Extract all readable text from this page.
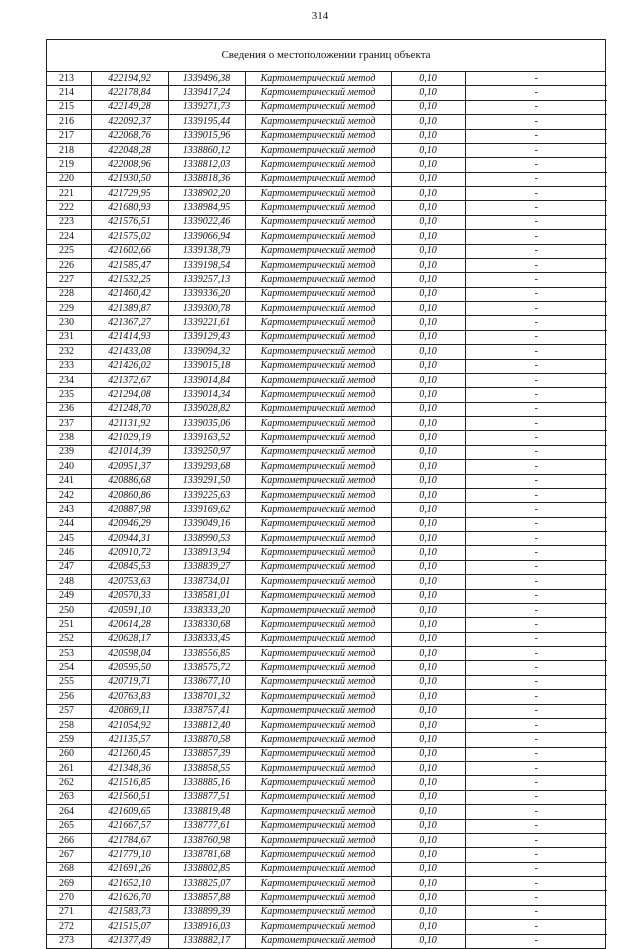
314
Сведения о местоположении границ объекта
213	422194,92	1339496,38	Картометрический метод	0,10	-
214	422178,84	1339417,24	Картометрический метод	0,10	-
215	422149,28	1339271,73	Картометрический метод	0,10	-
216	422092,37	1339195,44	Картометрический метод	0,10	-
217	422068,76	1339015,96	Картометрический метод	0,10	-
218	422048,28	1338860,12	Картометрический метод	0,10	-
219	422008,96	1338812,03	Картометрический метод	0,10	-
220	421930,50	1338818,36	Картометрический метод	0,10	-
221	421729,95	1338902,20	Картометрический метод	0,10	-
222	421680,93	1338984,95	Картометрический метод	0,10	-
223	421576,51	1339022,46	Картометрический метод	0,10	-
224	421575,02	1339066,94	Картометрический метод	0,10	-
225	421602,66	1339138,79	Картометрический метод	0,10	-
226	421585,47	1339198,54	Картометрический метод	0,10	-
227	421532,25	1339257,13	Картометрический метод	0,10	-
228	421460,42	1339336,20	Картометрический метод	0,10	-
229	421389,87	1339300,78	Картометрический метод	0,10	-
230	421367,27	1339221,61	Картометрический метод	0,10	-
231	421414,93	1339129,43	Картометрический метод	0,10	-
232	421433,08	1339094,32	Картометрический метод	0,10	-
233	421426,02	1339015,18	Картометрический метод	0,10	-
234	421372,67	1339014,84	Картометрический метод	0,10	-
235	421294,08	1339014,34	Картометрический метод	0,10	-
236	421248,70	1339028,82	Картометрический метод	0,10	-
237	421131,92	1339035,06	Картометрический метод	0,10	-
238	421029,19	1339163,52	Картометрический метод	0,10	-
239	421014,39	1339250,97	Картометрический метод	0,10	-
240	420951,37	1339293,68	Картометрический метод	0,10	-
241	420886,68	1339291,50	Картометрический метод	0,10	-
242	420860,86	1339225,63	Картометрический метод	0,10	-
243	420887,98	1339169,62	Картометрический метод	0,10	-
244	420946,29	1339049,16	Картометрический метод	0,10	-
245	420944,31	1338990,53	Картометрический метод	0,10	-
246	420910,72	1338913,94	Картометрический метод	0,10	-
247	420845,53	1338839,27	Картометрический метод	0,10	-
248	420753,63	1338734,01	Картометрический метод	0,10	-
249	420570,33	1338581,01	Картометрический метод	0,10	-
250	420591,10	1338333,20	Картометрический метод	0,10	-
251	420614,28	1338330,68	Картометрический метод	0,10	-
252	420628,17	1338333,45	Картометрический метод	0,10	-
253	420598,04	1338556,85	Картометрический метод	0,10	-
254	420595,50	1338575,72	Картометрический метод	0,10	-
255	420719,71	1338677,10	Картометрический метод	0,10	-
256	420763,83	1338701,32	Картометрический метод	0,10	-
257	420869,11	1338757,41	Картометрический метод	0,10	-
258	421054,92	1338812,40	Картометрический метод	0,10	-
259	421135,57	1338870,58	Картометрический метод	0,10	-
260	421260,45	1338857,39	Картометрический метод	0,10	-
261	421348,36	1338858,55	Картометрический метод	0,10	-
262	421516,85	1338885,16	Картометрический метод	0,10	-
263	421560,51	1338877,51	Картометрический метод	0,10	-
264	421609,65	1338819,48	Картометрический метод	0,10	-
265	421667,57	1338777,61	Картометрический метод	0,10	-
266	421784,67	1338760,98	Картометрический метод	0,10	-
267	421779,10	1338781,68	Картометрический метод	0,10	-
268	421691,26	1338802,85	Картометрический метод	0,10	-
269	421652,10	1338825,07	Картометрический метод	0,10	-
270	421626,70	1338857,88	Картометрический метод	0,10	-
271	421583,73	1338899,39	Картометрический метод	0,10	-
272	421515,07	1338916,03	Картометрический метод	0,10	-
273	421377,49	1338882,17	Картометрический метод	0,10	-
